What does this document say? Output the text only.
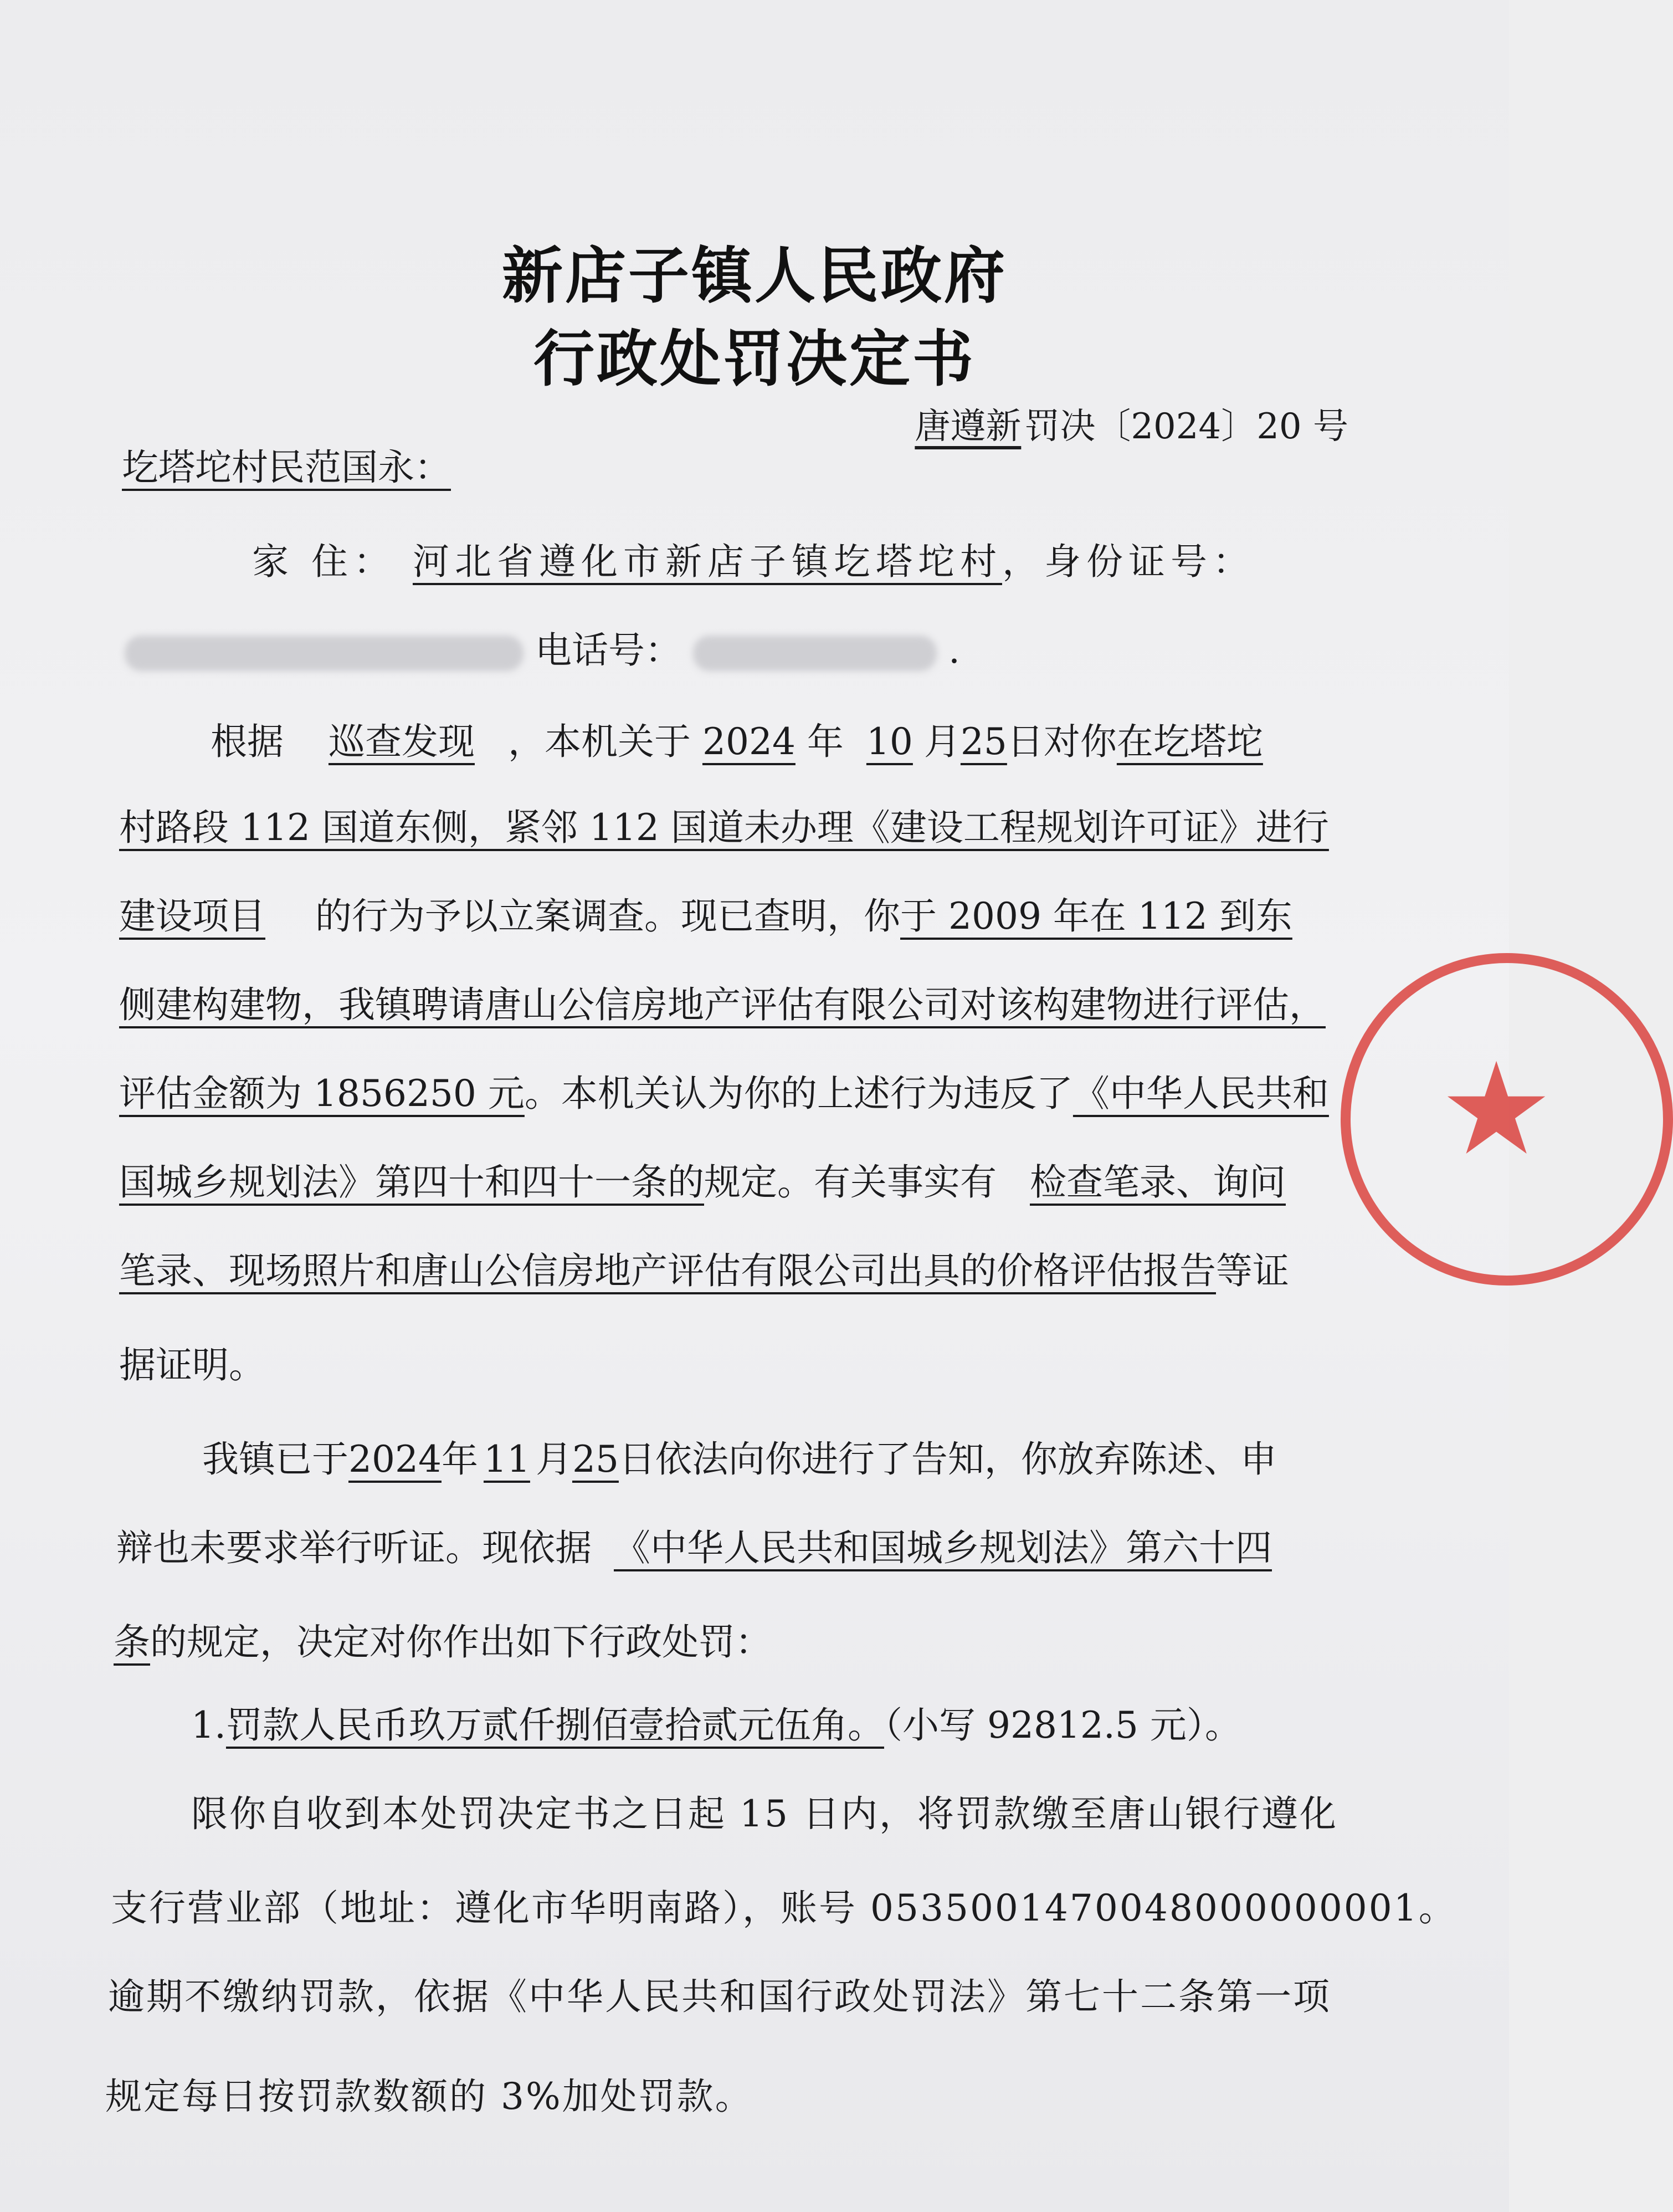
新店子镇人民政府
行政处罚决定书
唐遵新罚决〔2024〕20 号
圪塔坨村民范国永：
家 住： 河北省遵化市新店子镇圪塔坨村，身份证号：
电话号：	.
根据 巡查发现 ，本机关于 2024 年 10 月25日对你在圪塔坨
村路段 112 国道东侧，紧邻 112 国道未办理《建设工程规划许可证》进行
建设项目 的行为予以立案调查。现已查明，你于 2009 年在 112 到东
侧建构建物，我镇聘请唐山公信房地产评估有限公司对该构建物进行评估，
评估金额为 1856250 元。本机关认为你的上述行为违反了《中华人民共和
国城乡规划法》第四十和四十一条的规定。有关事实有 检查笔录、询问
笔录、现场照片和唐山公信房地产评估有限公司出具的价格评估报告等证
据证明。
我镇已于2024年 11 月25日依法向你进行了告知，你放弃陈述、申
辩也未要求举行听证。现依据 《中华人民共和国城乡规划法》第六十四
条的规定，决定对你作出如下行政处罚：
1.罚款人民币玖万贰仟捌佰壹拾贰元伍角。（小写 92812.5 元）。
限你自收到本处罚决定书之日起 15 日内，将罚款缴至唐山银行遵化
支行营业部（地址：遵化市华明南路），账号 0535001470048000000001。
逾期不缴纳罚款，依据《中华人民共和国行政处罚法》第七十二条第一项
规定每日按罚款数额的 3%加处罚款。
★
